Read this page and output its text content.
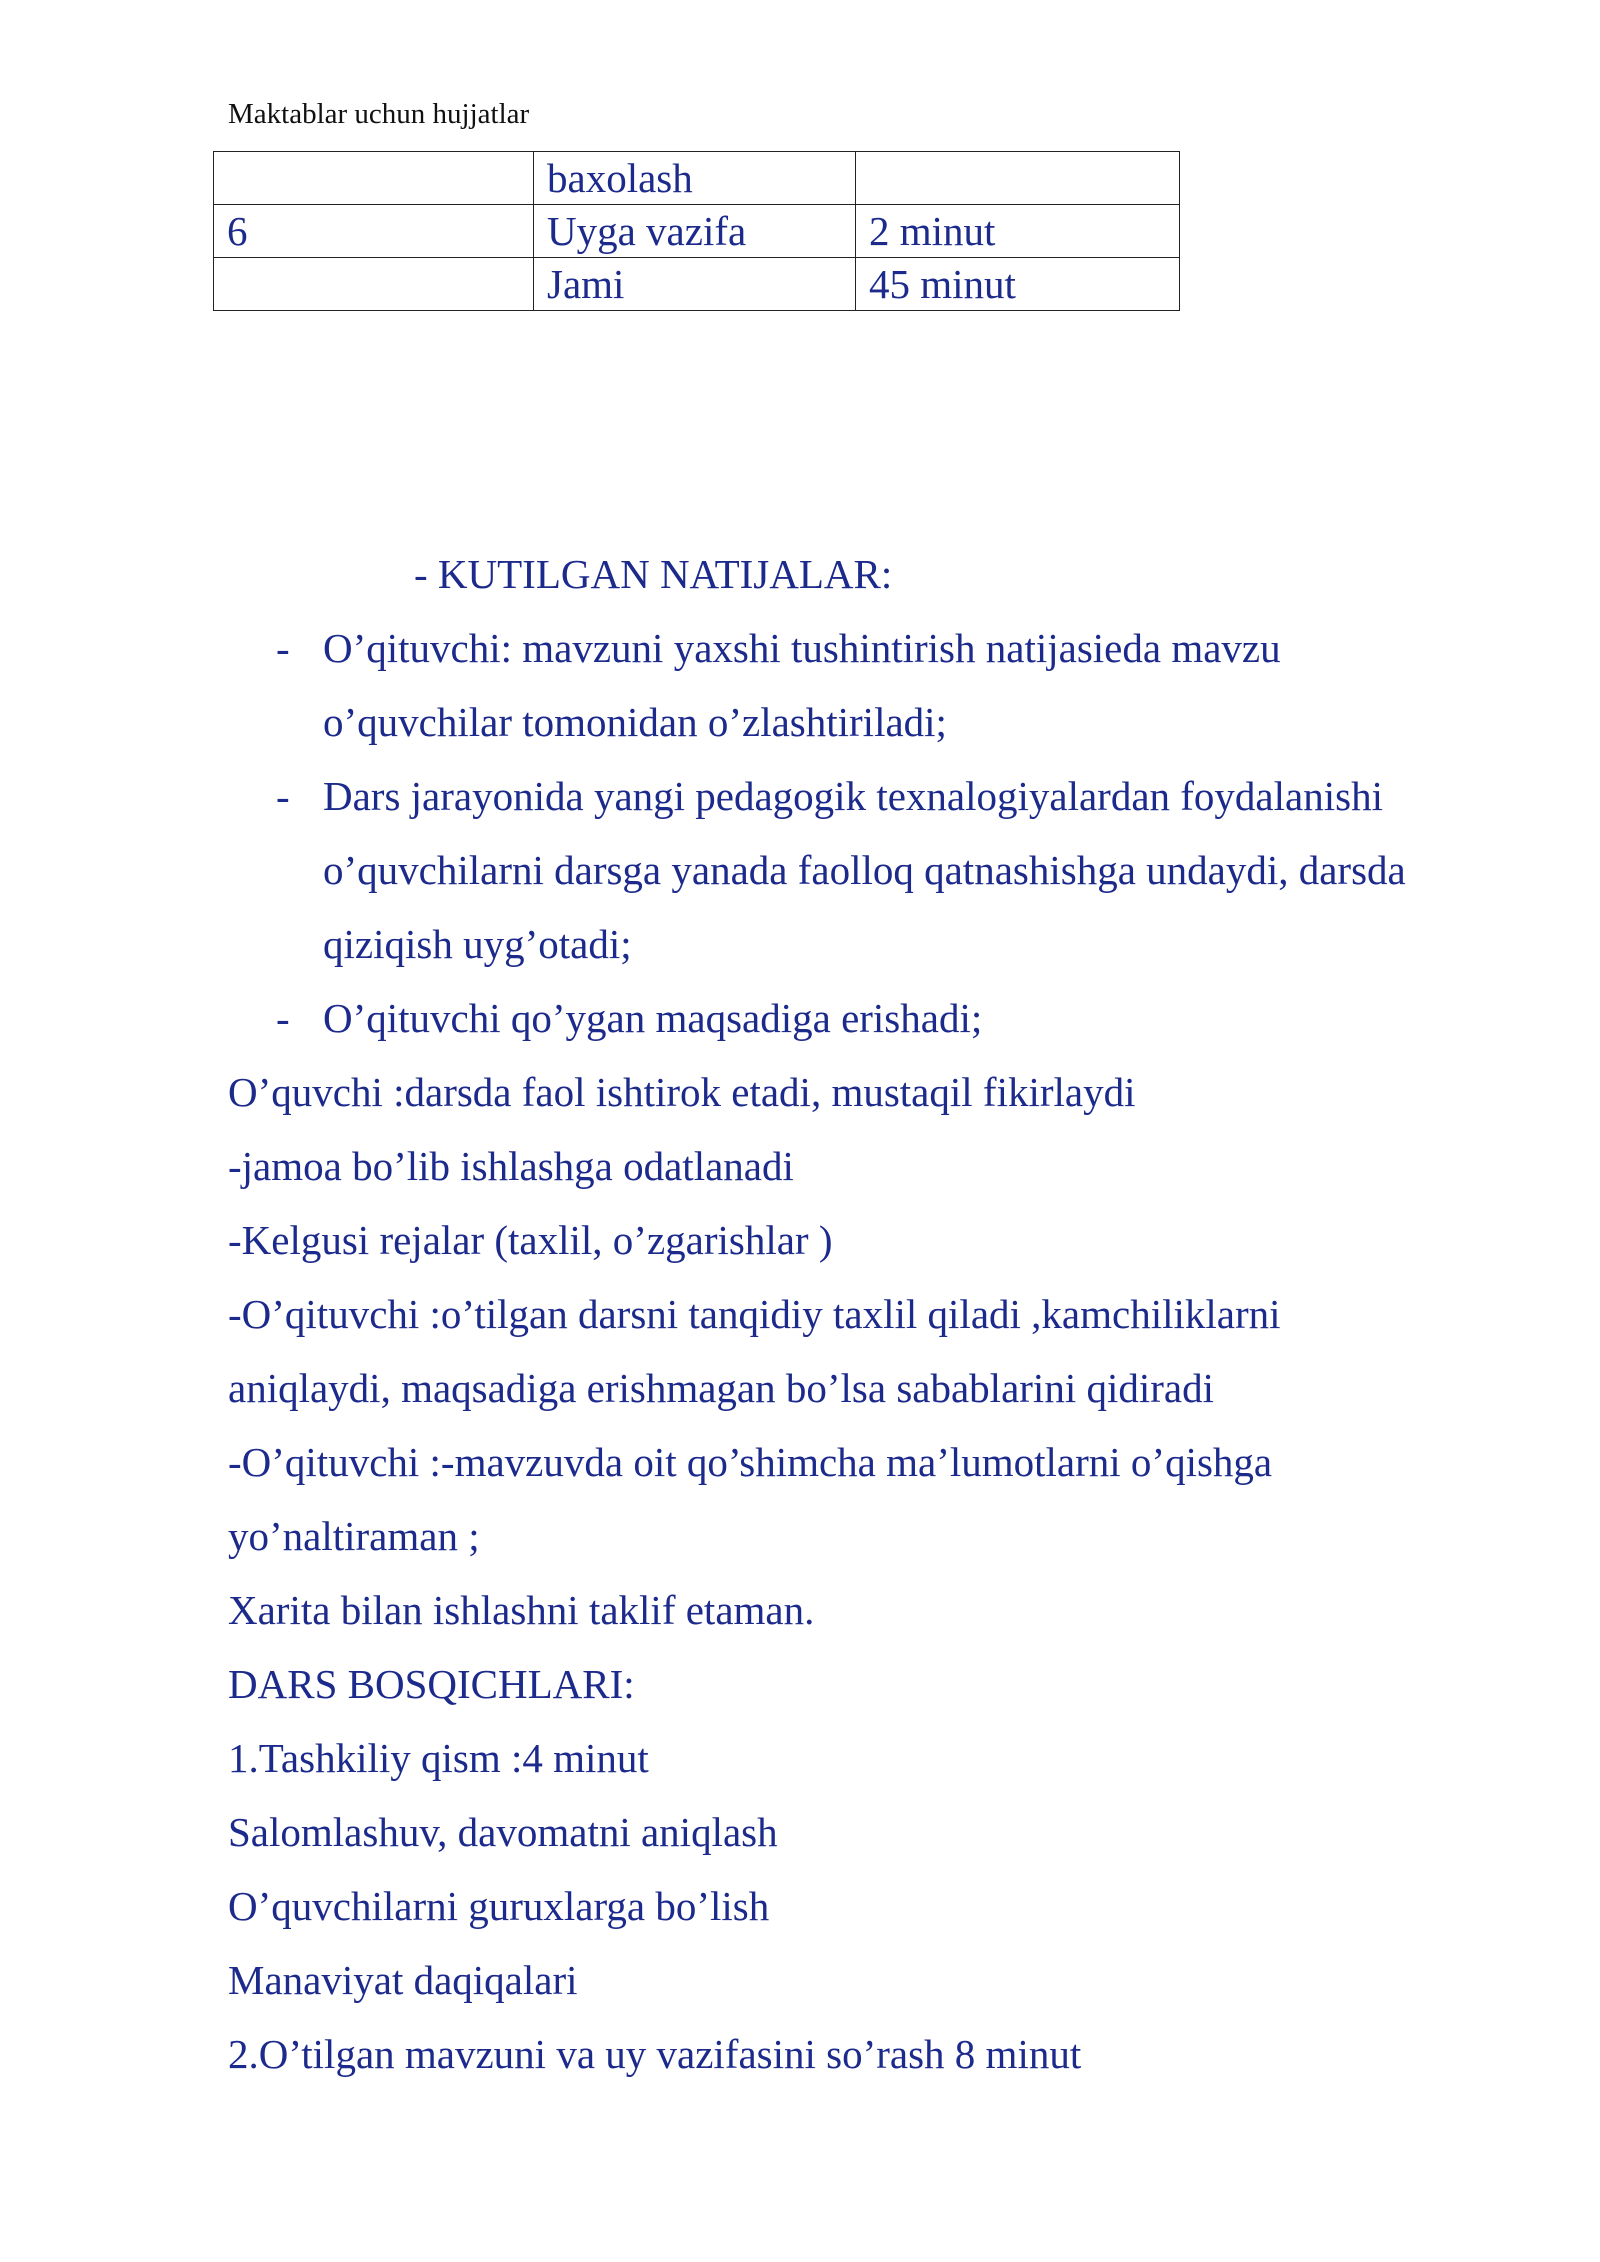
Maktablar uchun hujjatlar
	baxolash	
6	Uyga vazifa	2 minut
	Jami	45 minut
- KUTILGAN NATIJALAR:
- O’qituvchi: mavzuni yaxshi tushintirish natijasieda mavzu
o’quvchilar tomonidan o’zlashtiriladi;
- Dars jarayonida yangi pedagogik texnalogiyalardan foydalanishi
o’quvchilarni darsga yanada faolloq qatnashishga undaydi, darsda
qiziqish uyg’otadi;
- O’qituvchi qo’ygan maqsadiga erishadi;
O’quvchi :darsda faol ishtirok etadi, mustaqil fikirlaydi
-jamoa bo’lib ishlashga odatlanadi
-Kelgusi rejalar (taxlil, o’zgarishlar )
-O’qituvchi :o’tilgan darsni tanqidiy taxlil qiladi ,kamchiliklarni
aniqlaydi, maqsadiga erishmagan bo’lsa sabablarini qidiradi
-O’qituvchi :-mavzuvda oit qo’shimcha ma’lumotlarni o’qishga
yo’naltiraman ;
Xarita bilan ishlashni taklif etaman.
DARS BOSQICHLARI:
1.Tashkiliy qism :4 minut
Salomlashuv, davomatni aniqlash
O’quvchilarni guruxlarga bo’lish
Manaviyat daqiqalari
2.O’tilgan mavzuni va uy vazifasini so’rash 8 minut
